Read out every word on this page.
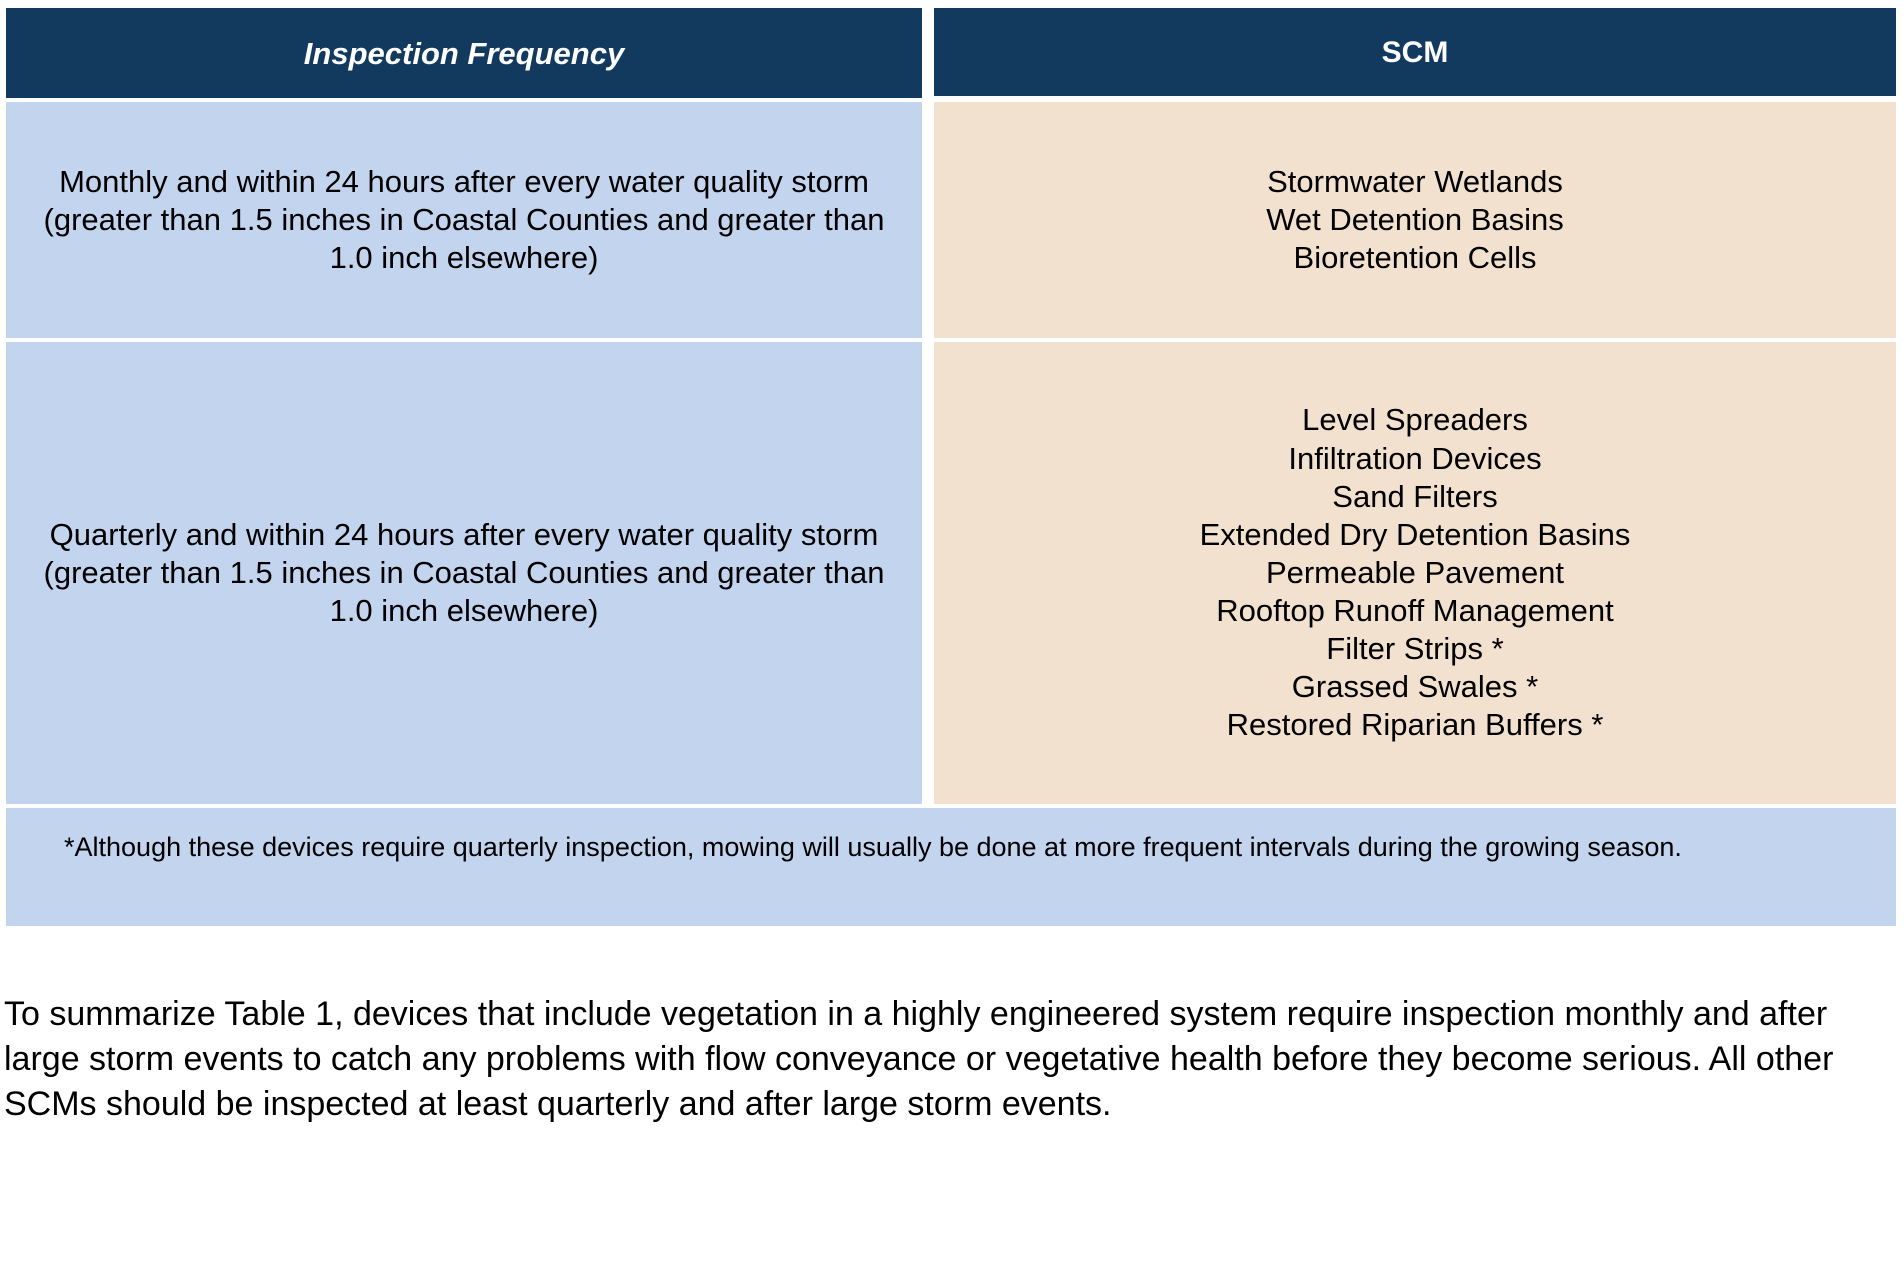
Inspection Frequency	SCM
Monthly and within 24 hours after every water quality storm (greater than 1.5 inches in Coastal Counties and greater than 1.0 inch elsewhere)
Stormwater Wetlands
Wet Detention Basins
Bioretention Cells
Quarterly and within 24 hours after every water quality storm (greater than 1.5 inches in Coastal Counties and greater than 1.0 inch elsewhere)
Level Spreaders
Infiltration Devices
Sand Filters
Extended Dry Detention Basins
Permeable Pavement
Rooftop Runoff Management
Filter Strips *
Grassed Swales *
Restored Riparian Buffers *
*Although these devices require quarterly inspection, mowing will usually be done at more frequent intervals during the growing season.

To summarize Table 1, devices that include vegetation in a highly engineered system require inspection monthly and after large storm events to catch any problems with flow conveyance or vegetative health before they become serious. All other SCMs should be inspected at least quarterly and after large storm events.
